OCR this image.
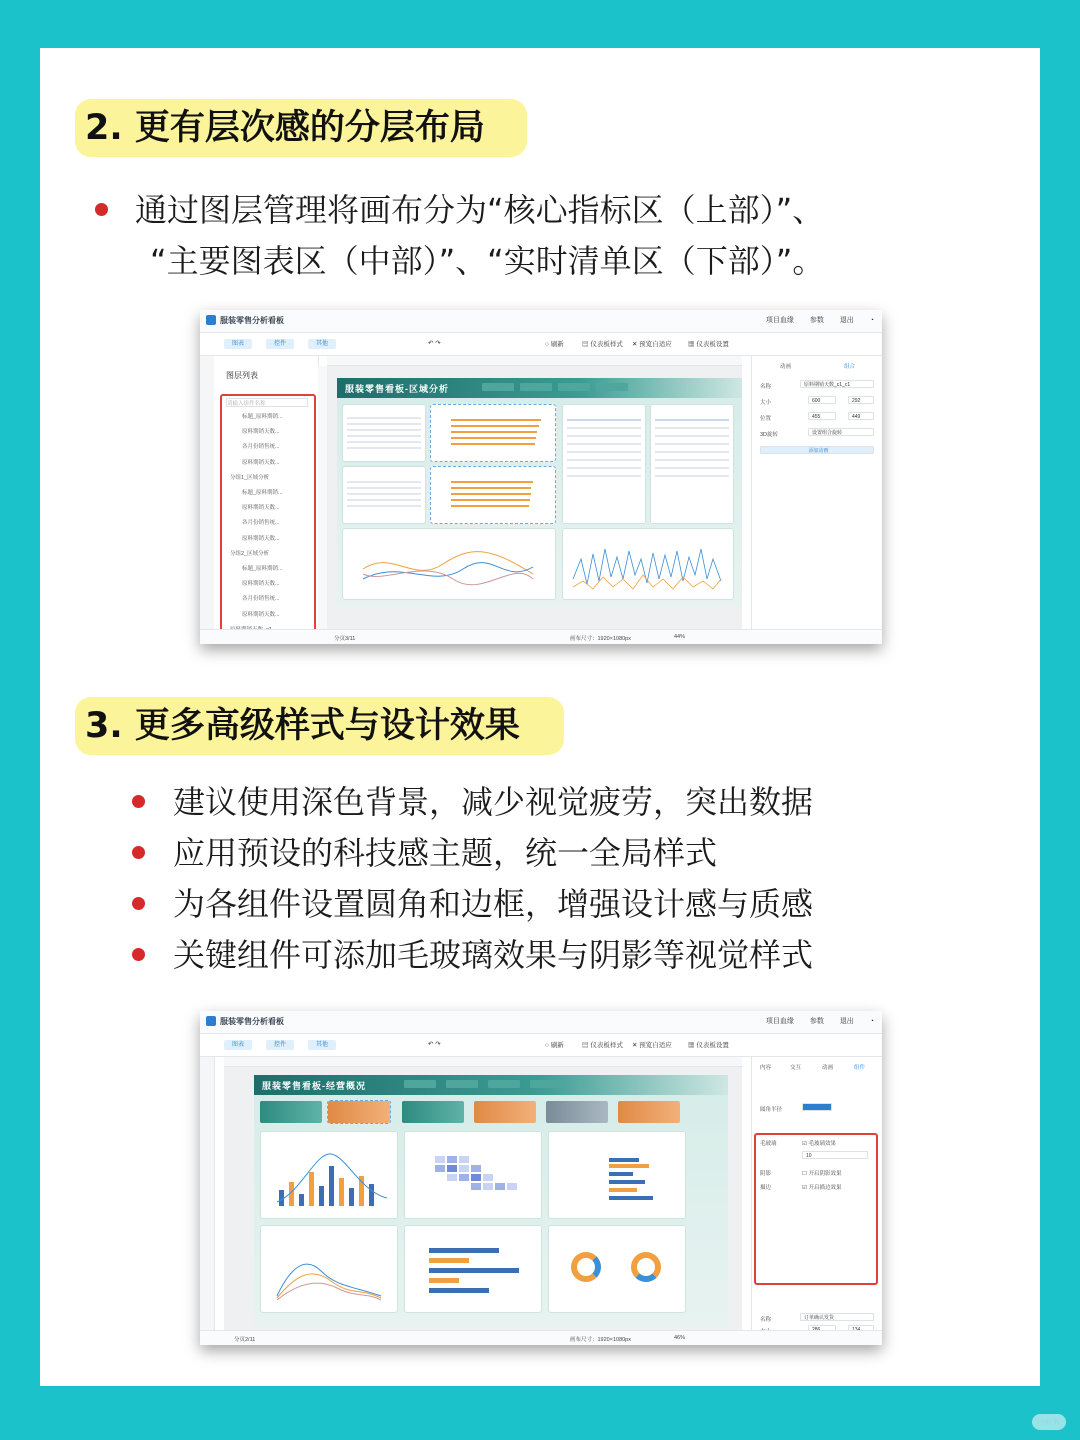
2. 更有层次感的分层布局
通过图层管理将画布分为“核心指标区（上部）”、
“主要图表区（中部）”、“实时清单区（下部）”。
服装零售分析看板	项目血缘 参数 退出 ◔
图表	控件	其他	↶ ↷	○ 刷新	▤ 仪表板样式 ✕ 预览自适应 ▦ 仪表板设置
图层列表
请输入组件名称
标题_原料期销...
原料期销天数...
各月份销售统...
原料期销天数...
分组1_区域分析
标题_原料期销...
原料期销天数...
各月份销售统...
原料期销天数...
分组2_区域分析
标题_原料期销...
原料期销天数...
各月份销售统...
原料期销天数...
服装零售看板-区域分析
动画	组合
名称	原料期销天数_c1_c1
大小	600	292
位置	455	449
3D旋转	设置组合旋转
添加动画
分页3/11	画布尺寸：1920×1080px	44%
3. 更多高级样式与设计效果
建议使用深色背景，减少视觉疲劳，突出数据
应用预设的科技感主题，统一全局样式
为各组件设置圆角和边框，增强设计感与质感
关键组件可添加毛玻璃效果与阴影等视觉样式
服装零售分析看板	项目血缘 参数 退出 ◔
图表	控件	其他	↶ ↷	○ 刷新	▤ 仪表板样式 ✕ 预览自适应 ▦ 仪表板设置
服装零售看板-经营概况
内容	交互	动画	组件
圆角半径
毛玻璃	☑ 毛玻璃效果
10
阴影	☐ 开启阴影效果
描边	☑ 开启描边效果
名称	订单确认发货
分页2/11	画布尺寸：1920×1080px	46%
小红书
